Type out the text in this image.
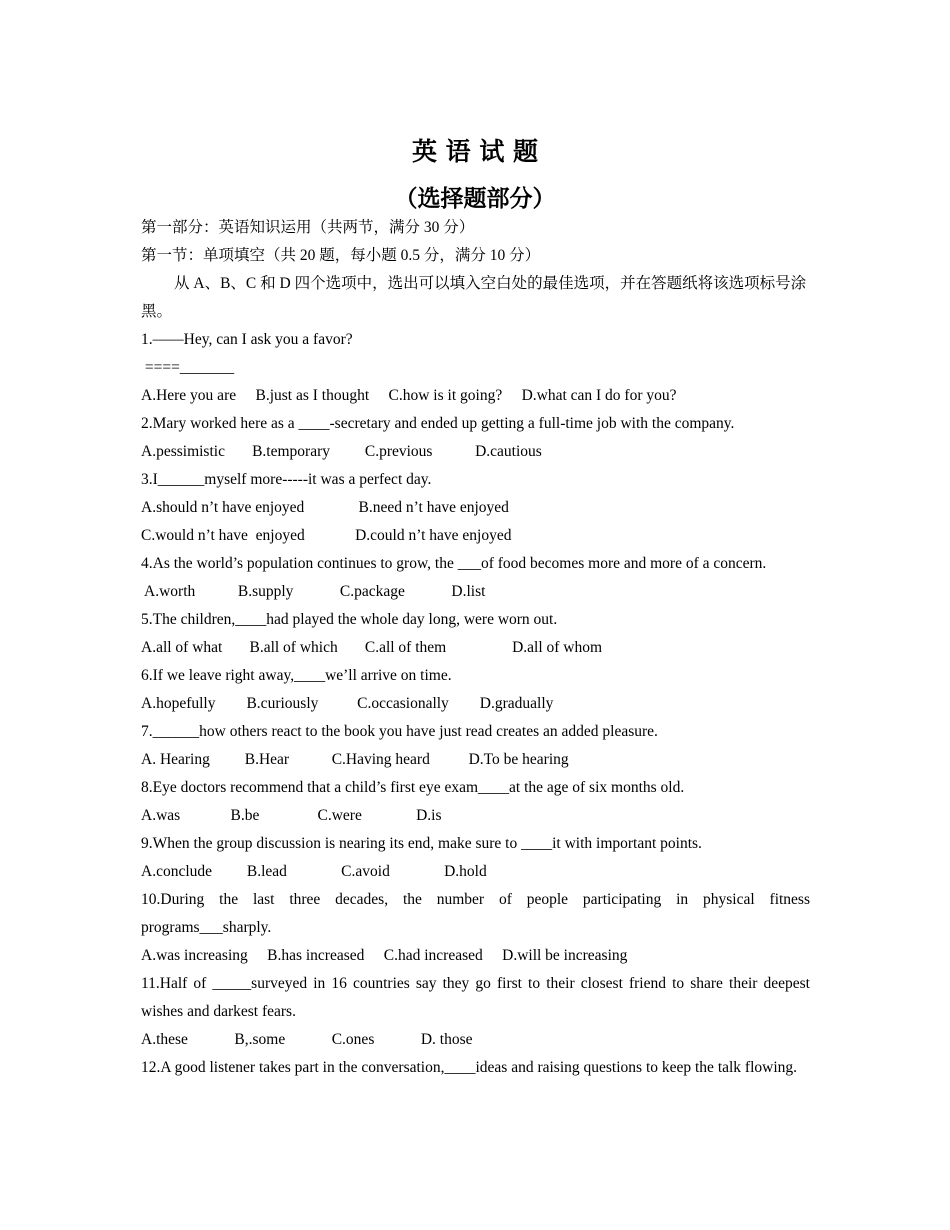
英 语 试 题
（选择题部分）
第一部分：英语知识运用（共两节，满分 30 分）
第一节：单项填空（共 20 题，每小题 0.5 分，满分 10 分）
从 A、B、C 和 D 四个选项中，选出可以填入空白处的最佳选项，并在答题纸将该选项标号涂黑。
1.——Hey, can I ask you a favor?
====_______
A.Here you are     B.just as I thought     C.how is it going?     D.what can I do for you?
2.Mary worked here as a ____-secretary and ended up getting a full-time job with the company.
A.pessimistic       B.temporary         C.previous           D.cautious
3.I______myself more-----it was a perfect day.
A.should n’t have enjoyed              B.need n’t have enjoyed
C.would n’t have  enjoyed             D.could n’t have enjoyed
4.As the world’s population continues to grow, the ___of food becomes more and more of a concern.
A.worth           B.supply            C.package            D.list
5.The children,____had played the whole day long, were worn out.
A.all of what       B.all of which       C.all of them                 D.all of whom
6.If we leave right away,____we’ll arrive on time.
A.hopefully        B.curiously          C.occasionally        D.gradually
7.______how others react to the book you have just read creates an added pleasure.
A. Hearing         B.Hear           C.Having heard          D.To be hearing
8.Eye doctors recommend that a child’s first eye exam____at the age of six months old.
A.was             B.be               C.were              D.is
9.When the group discussion is nearing its end, make sure to ____it with important points.
A.conclude         B.lead              C.avoid              D.hold
10.During the last three decades, the number of people participating in physical fitness programs___sharply.
A.was increasing     B.has increased     C.had increased     D.will be increasing
11.Half of _____surveyed in 16 countries say they go first to their closest friend to share their deepest wishes and darkest fears.
A.these            B,.some            C.ones            D. those
12.A good listener takes part in the conversation,____ideas and raising questions to keep the talk flowing.
